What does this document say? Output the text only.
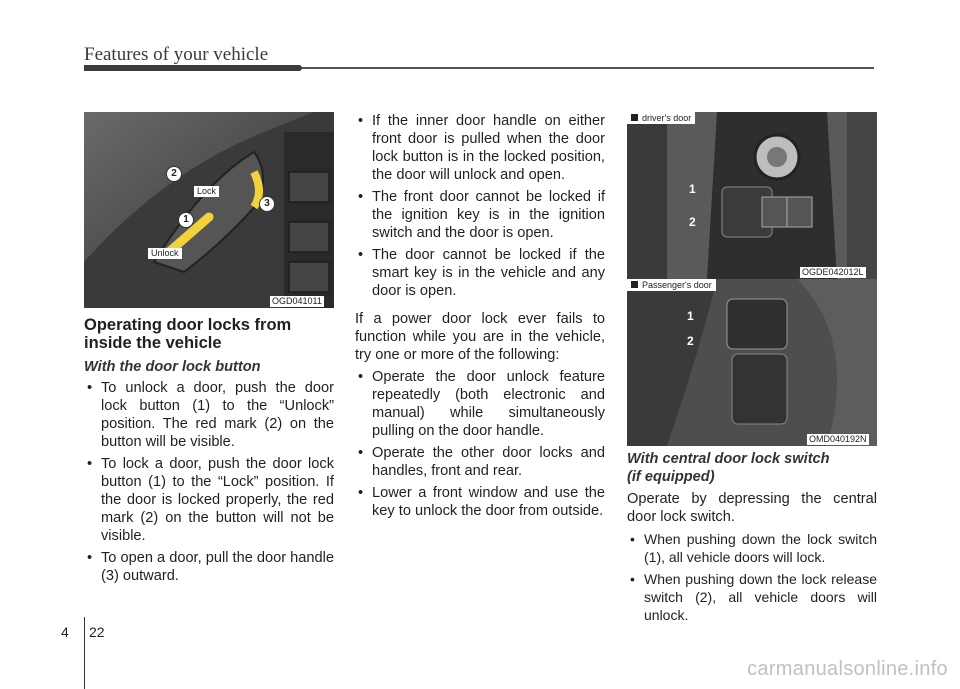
Features of your vehicle
2
1
3
Lock
Unlock
OGD041011
Operating door locks from inside the vehicle
With the door lock button
• To unlock a door, push the door lock button (1) to the “Unlock” position. The red mark (2) on the button will be visible.
• To lock a door, push the door lock button (1) to the “Lock” position. If the door is locked properly, the red mark (2) on the button will not be visible.
• To open a door, pull the door handle (3) outward.
• If the inner door handle on either front door is pulled when the door lock button is in the locked position, the door will unlock and open.
• The front door cannot be locked if the ignition key is in the ignition switch and the door is open.
• The door cannot be locked if the smart key is in the vehicle and any door is open.

If a power door lock ever fails to function while you are in the vehicle, try one or more of the following:

• Operate the door unlock feature repeatedly (both electronic and manual) while simultaneously pulling on the door handle.
• Operate the other door locks and handles, front and rear.
• Lower a front window and use the key to unlock the door from outside.
driver's door
1
2
OGDE042012L
Passenger's door
1
2
OMD040192N
With central door lock switch
(if equipped)

Operate by depressing the central door lock switch.

• When pushing down the lock switch (1), all vehicle doors will lock.
• When pushing down the lock release switch (2), all vehicle doors will unlock.
4 22
carmanualsonline.info
